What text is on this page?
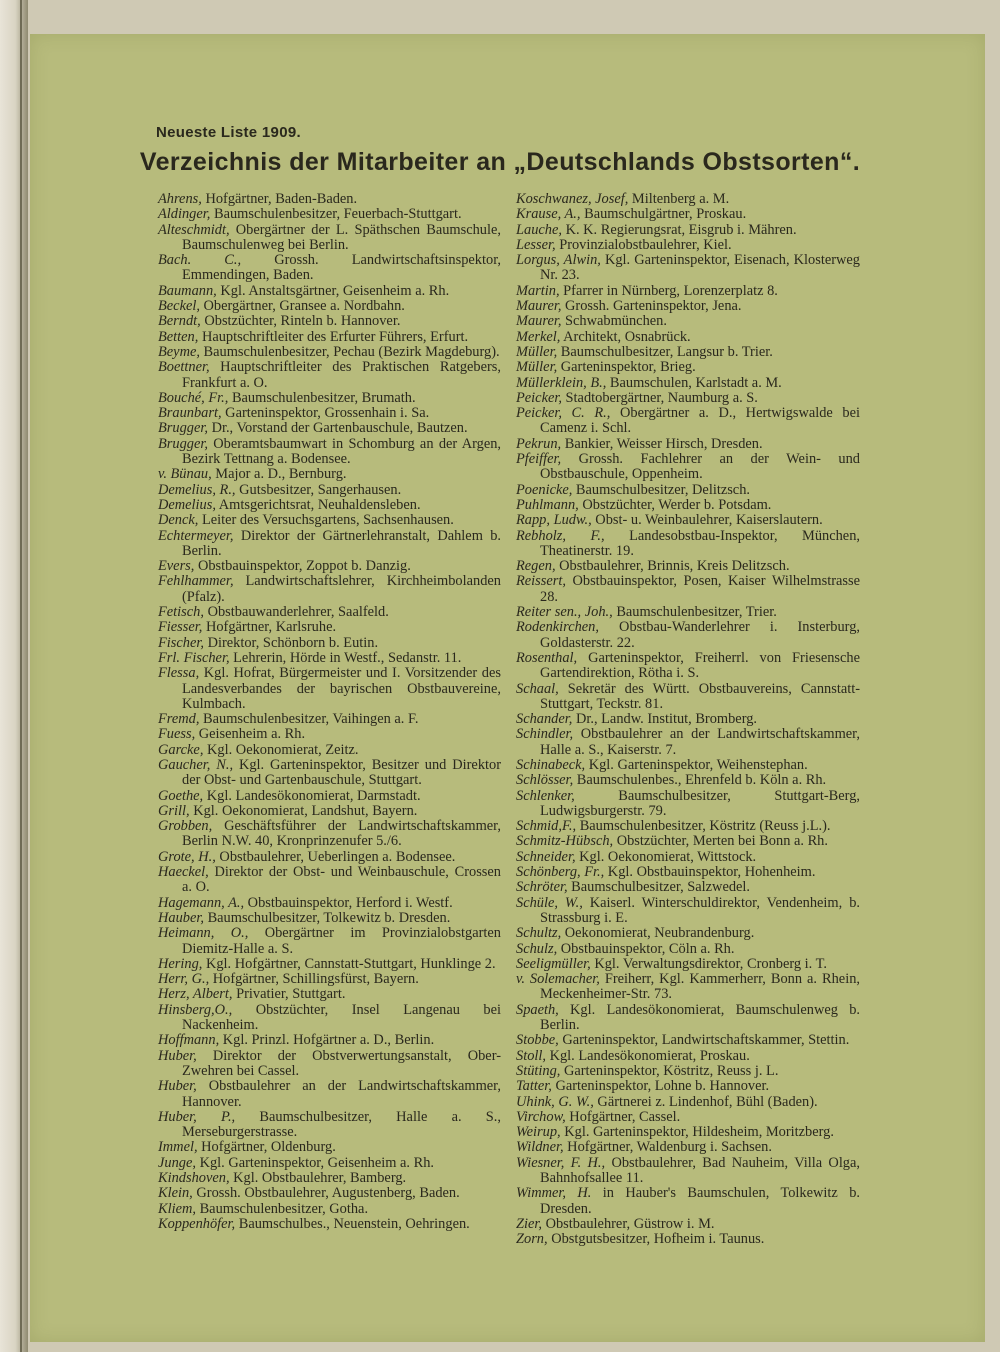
Neueste Liste 1909.
Verzeichnis der Mitarbeiter an „Deutschlands Obstsorten“.

Ahrens, Hofgärtner, Baden-Baden.

Aldinger, Baumschulenbesitzer, Feuerbach-Stuttgart.

Alteschmidt, Obergärtner der L. Späthschen Baumschule, Baumschulenweg bei Berlin.

Bach. C., Grossh. Landwirtschaftsinspektor, Emmendingen, Baden.

Baumann, Kgl. Anstaltsgärtner, Geisenheim a. Rh.

Beckel, Obergärtner, Gransee a. Nordbahn.

Berndt, Obstzüchter, Rinteln b. Hannover.

Betten, Hauptschriftleiter des Erfurter Führers, Erfurt.

Beyme, Baumschulenbesitzer, Pechau (Bezirk Magdeburg).

Boettner, Hauptschriftleiter des Praktischen Ratgebers, Frankfurt a. O.

Bouché, Fr., Baumschulenbesitzer, Brumath.

Braunbart, Garteninspektor, Grossenhain i. Sa.

Brugger, Dr., Vorstand der Gartenbauschule, Bautzen.

Brugger, Oberamtsbaumwart in Schomburg an der Argen, Bezirk Tettnang a. Bodensee.

v. Bünau, Major a. D., Bernburg.

Demelius, R., Gutsbesitzer, Sangerhausen.

Demelius, Amtsgerichtsrat, Neuhaldensleben.

Denck, Leiter des Versuchsgartens, Sachsenhausen.

Echtermeyer, Direktor der Gärtnerlehranstalt, Dahlem b. Berlin.

Evers, Obstbauinspektor, Zoppot b. Danzig.

Fehlhammer, Landwirtschaftslehrer, Kirchheimbolanden (Pfalz).

Fetisch, Obstbauwanderlehrer, Saalfeld.

Fiesser, Hofgärtner, Karlsruhe.

Fischer, Direktor, Schönborn b. Eutin.

Frl. Fischer, Lehrerin, Hörde in Westf., Sedanstr. 11.

Flessa, Kgl. Hofrat, Bürgermeister und I. Vorsitzender des Landesverbandes der bayrischen Obstbauvereine, Kulmbach.

Fremd, Baumschulenbesitzer, Vaihingen a. F.

Fuess, Geisenheim a. Rh.

Garcke, Kgl. Oekonomierat, Zeitz.

Gaucher, N., Kgl. Garteninspektor, Besitzer und Direktor der Obst- und Gartenbauschule, Stuttgart.

Goethe, Kgl. Landesökonomierat, Darmstadt.

Grill, Kgl. Oekonomierat, Landshut, Bayern.

Grobben, Geschäftsführer der Landwirtschaftskammer, Berlin N.W. 40, Kronprinzenufer 5./6.

Grote, H., Obstbaulehrer, Ueberlingen a. Bodensee.

Haeckel, Direktor der Obst- und Weinbauschule, Crossen a. O.

Hagemann, A., Obstbauinspektor, Herford i. Westf.

Hauber, Baumschulbesitzer, Tolkewitz b. Dresden.

Heimann, O., Obergärtner im Provinzialobstgarten Diemitz-Halle a. S.

Hering, Kgl. Hofgärtner, Cannstatt-Stuttgart, Hunklinge 2.

Herr, G., Hofgärtner, Schillingsfürst, Bayern.

Herz, Albert, Privatier, Stuttgart.

Hinsberg,O., Obstzüchter, Insel Langenau bei Nackenheim.

Hoffmann, Kgl. Prinzl. Hofgärtner a. D., Berlin.

Huber, Direktor der Obstverwertungsanstalt, Ober-Zwehren bei Cassel.

Huber, Obstbaulehrer an der Landwirtschaftskammer, Hannover.

Huber, P., Baumschulbesitzer, Halle a. S., Merseburgerstrasse.

Immel, Hofgärtner, Oldenburg.

Junge, Kgl. Garteninspektor, Geisenheim a. Rh.

Kindshoven, Kgl. Obstbaulehrer, Bamberg.

Klein, Grossh. Obstbaulehrer, Augustenberg, Baden.

Kliem, Baumschulenbesitzer, Gotha.

Koppenhöfer, Baumschulbes., Neuenstein, Oehringen.

Koschwanez, Josef, Miltenberg a. M.

Krause, A., Baumschulgärtner, Proskau.

Lauche, K. K. Regierungsrat, Eisgrub i. Mähren.

Lesser, Provinzialobstbaulehrer, Kiel.

Lorgus, Alwin, Kgl. Garteninspektor, Eisenach, Klosterweg Nr. 23.

Martin, Pfarrer in Nürnberg, Lorenzerplatz 8.

Maurer, Grossh. Garteninspektor, Jena.

Maurer, Schwabmünchen.

Merkel, Architekt, Osnabrück.

Müller, Baumschulbesitzer, Langsur b. Trier.

Müller, Garteninspektor, Brieg.

Müllerklein, B., Baumschulen, Karlstadt a. M.

Peicker, Stadtobergärtner, Naumburg a. S.

Peicker, C. R., Obergärtner a. D., Hertwigswalde bei Camenz i. Schl.

Pekrun, Bankier, Weisser Hirsch, Dresden.

Pfeiffer, Grossh. Fachlehrer an der Wein- und Obstbauschule, Oppenheim.

Poenicke, Baumschulbesitzer, Delitzsch.

Puhlmann, Obstzüchter, Werder b. Potsdam.

Rapp, Ludw., Obst- u. Weinbaulehrer, Kaiserslautern.

Rebholz, F., Landesobstbau-Inspektor, München, Theatinerstr. 19.

Regen, Obstbaulehrer, Brinnis, Kreis Delitzsch.

Reissert, Obstbauinspektor, Posen, Kaiser Wilhelmstrasse 28.

Reiter sen., Joh., Baumschulenbesitzer, Trier.

Rodenkirchen, Obstbau-Wanderlehrer i. Insterburg, Goldasterstr. 22.

Rosenthal, Garteninspektor, Freiherrl. von Friesensche Gartendirektion, Rötha i. S.

Schaal, Sekretär des Württ. Obstbauvereins, Cannstatt-Stuttgart, Teckstr. 81.

Schander, Dr., Landw. Institut, Bromberg.

Schindler, Obstbaulehrer an der Landwirtschaftskammer, Halle a. S., Kaiserstr. 7.

Schinabeck, Kgl. Garteninspektor, Weihenstephan.

Schlösser, Baumschulenbes., Ehrenfeld b. Köln a. Rh.

Schlenker, Baumschulbesitzer, Stuttgart-Berg, Ludwigsburgerstr. 79.

Schmid,F., Baumschulenbesitzer, Köstritz (Reuss j.L.).

Schmitz-Hübsch, Obstzüchter, Merten bei Bonn a. Rh.

Schneider, Kgl. Oekonomierat, Wittstock.

Schönberg, Fr., Kgl. Obstbauinspektor, Hohenheim.

Schröter, Baumschulbesitzer, Salzwedel.

Schüle, W., Kaiserl. Winterschuldirektor, Vendenheim, b. Strassburg i. E.

Schultz, Oekonomierat, Neubrandenburg.

Schulz, Obstbauinspektor, Cöln a. Rh.

Seeligmüller, Kgl. Verwaltungsdirektor, Cronberg i. T.

v. Solemacher, Freiherr, Kgl. Kammerherr, Bonn a. Rhein, Meckenheimer-Str. 73.

Spaeth, Kgl. Landesökonomierat, Baumschulenweg b. Berlin.

Stobbe, Garteninspektor, Landwirtschaftskammer, Stettin.

Stoll, Kgl. Landesökonomierat, Proskau.

Stüting, Garteninspektor, Köstritz, Reuss j. L.

Tatter, Garteninspektor, Lohne b. Hannover.

Uhink, G. W., Gärtnerei z. Lindenhof, Bühl (Baden).

Virchow, Hofgärtner, Cassel.

Weirup, Kgl. Garteninspektor, Hildesheim, Moritzberg.

Wildner, Hofgärtner, Waldenburg i. Sachsen.

Wiesner, F. H., Obstbaulehrer, Bad Nauheim, Villa Olga, Bahnhofsallee 11.

Wimmer, H. in Hauber's Baumschulen, Tolkewitz b. Dresden.

Zier, Obstbaulehrer, Güstrow i. M.

Zorn, Obstgutsbesitzer, Hofheim i. Taunus.
